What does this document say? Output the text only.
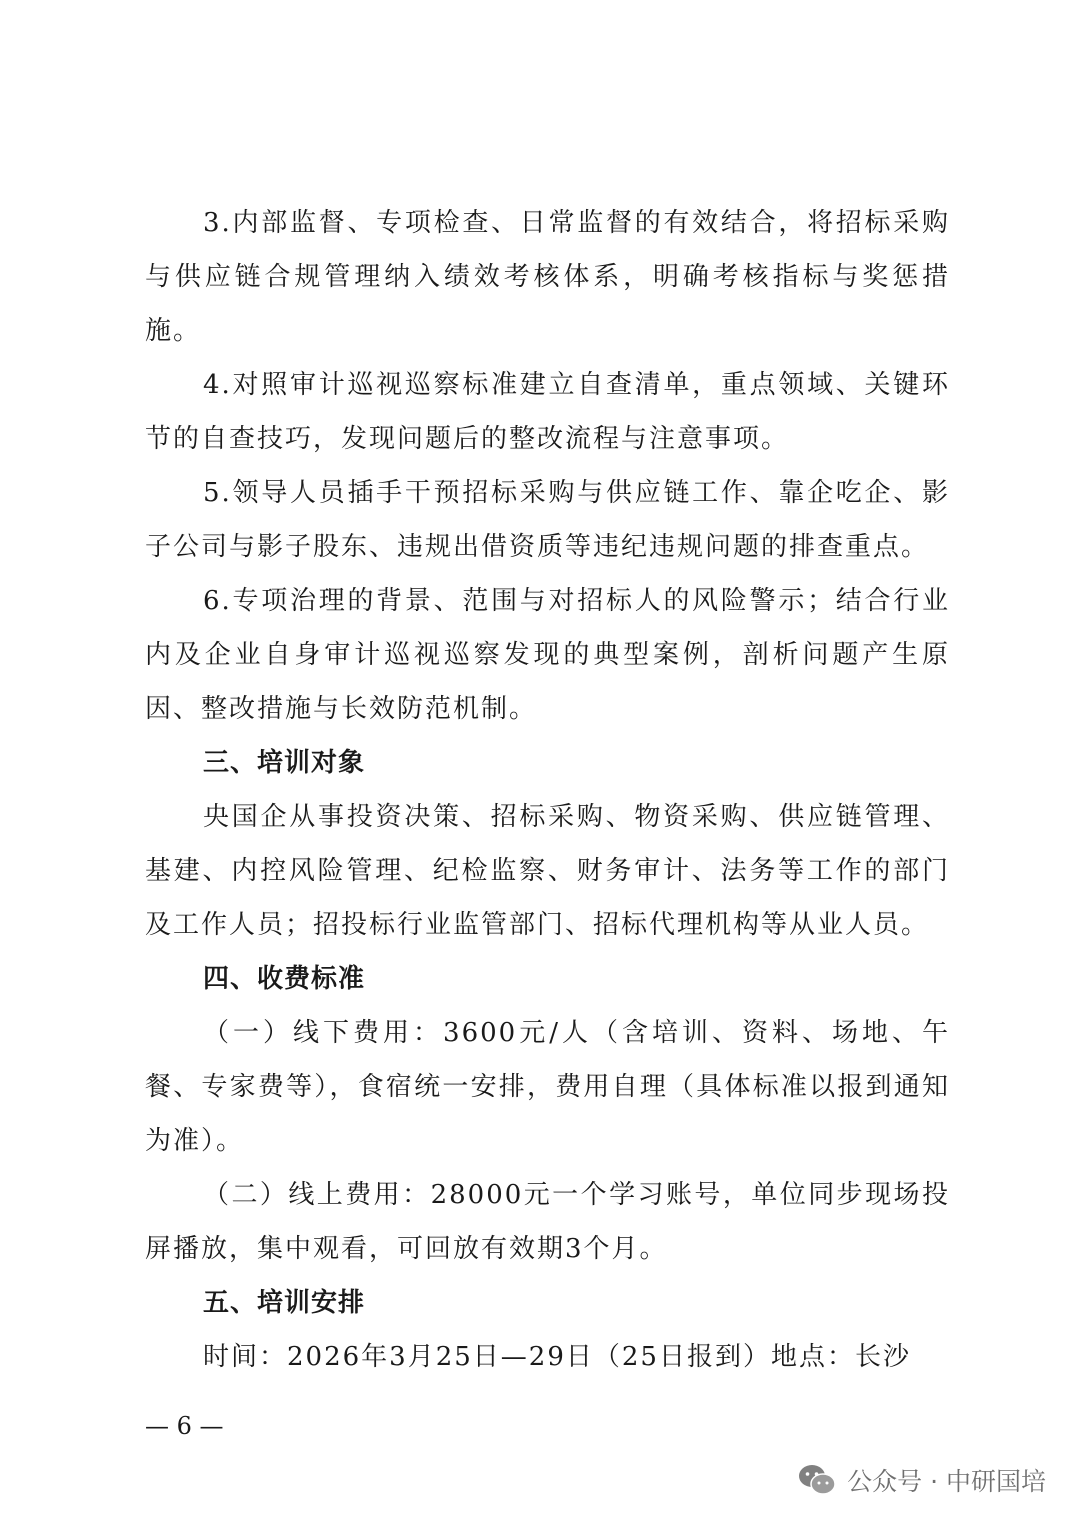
3.内部监督、专项检查、日常监督的有效结合，将招标采购与供应链合规管理纳入绩效考核体系，明确考核指标与奖惩措施。

4.对照审计巡视巡察标准建立自查清单，重点领域、关键环节的自查技巧，发现问题后的整改流程与注意事项。

5.领导人员插手干预招标采购与供应链工作、靠企吃企、影子公司与影子股东、违规出借资质等违纪违规问题的排查重点。

6.专项治理的背景、范围与对招标人的风险警示；结合行业内及企业自身审计巡视巡察发现的典型案例，剖析问题产生原因、整改措施与长效防范机制。

三、培训对象

央国企从事投资决策、招标采购、物资采购、供应链管理、基建、内控风险管理、纪检监察、财务审计、法务等工作的部门及工作人员；招投标行业监管部门、招标代理机构等从业人员。

四、收费标准

（一）线下费用：3600元/人（含培训、资料、场地、午餐、专家费等），食宿统一安排，费用自理（具体标准以报到通知为准）。

（二）线上费用：28000元一个学习账号，单位同步现场投屏播放，集中观看，可回放有效期3个月。

五、培训安排

时间：2026年3月25日—29日（25日报到）地点：长沙

— 6 —
公众号 · 中研国培
